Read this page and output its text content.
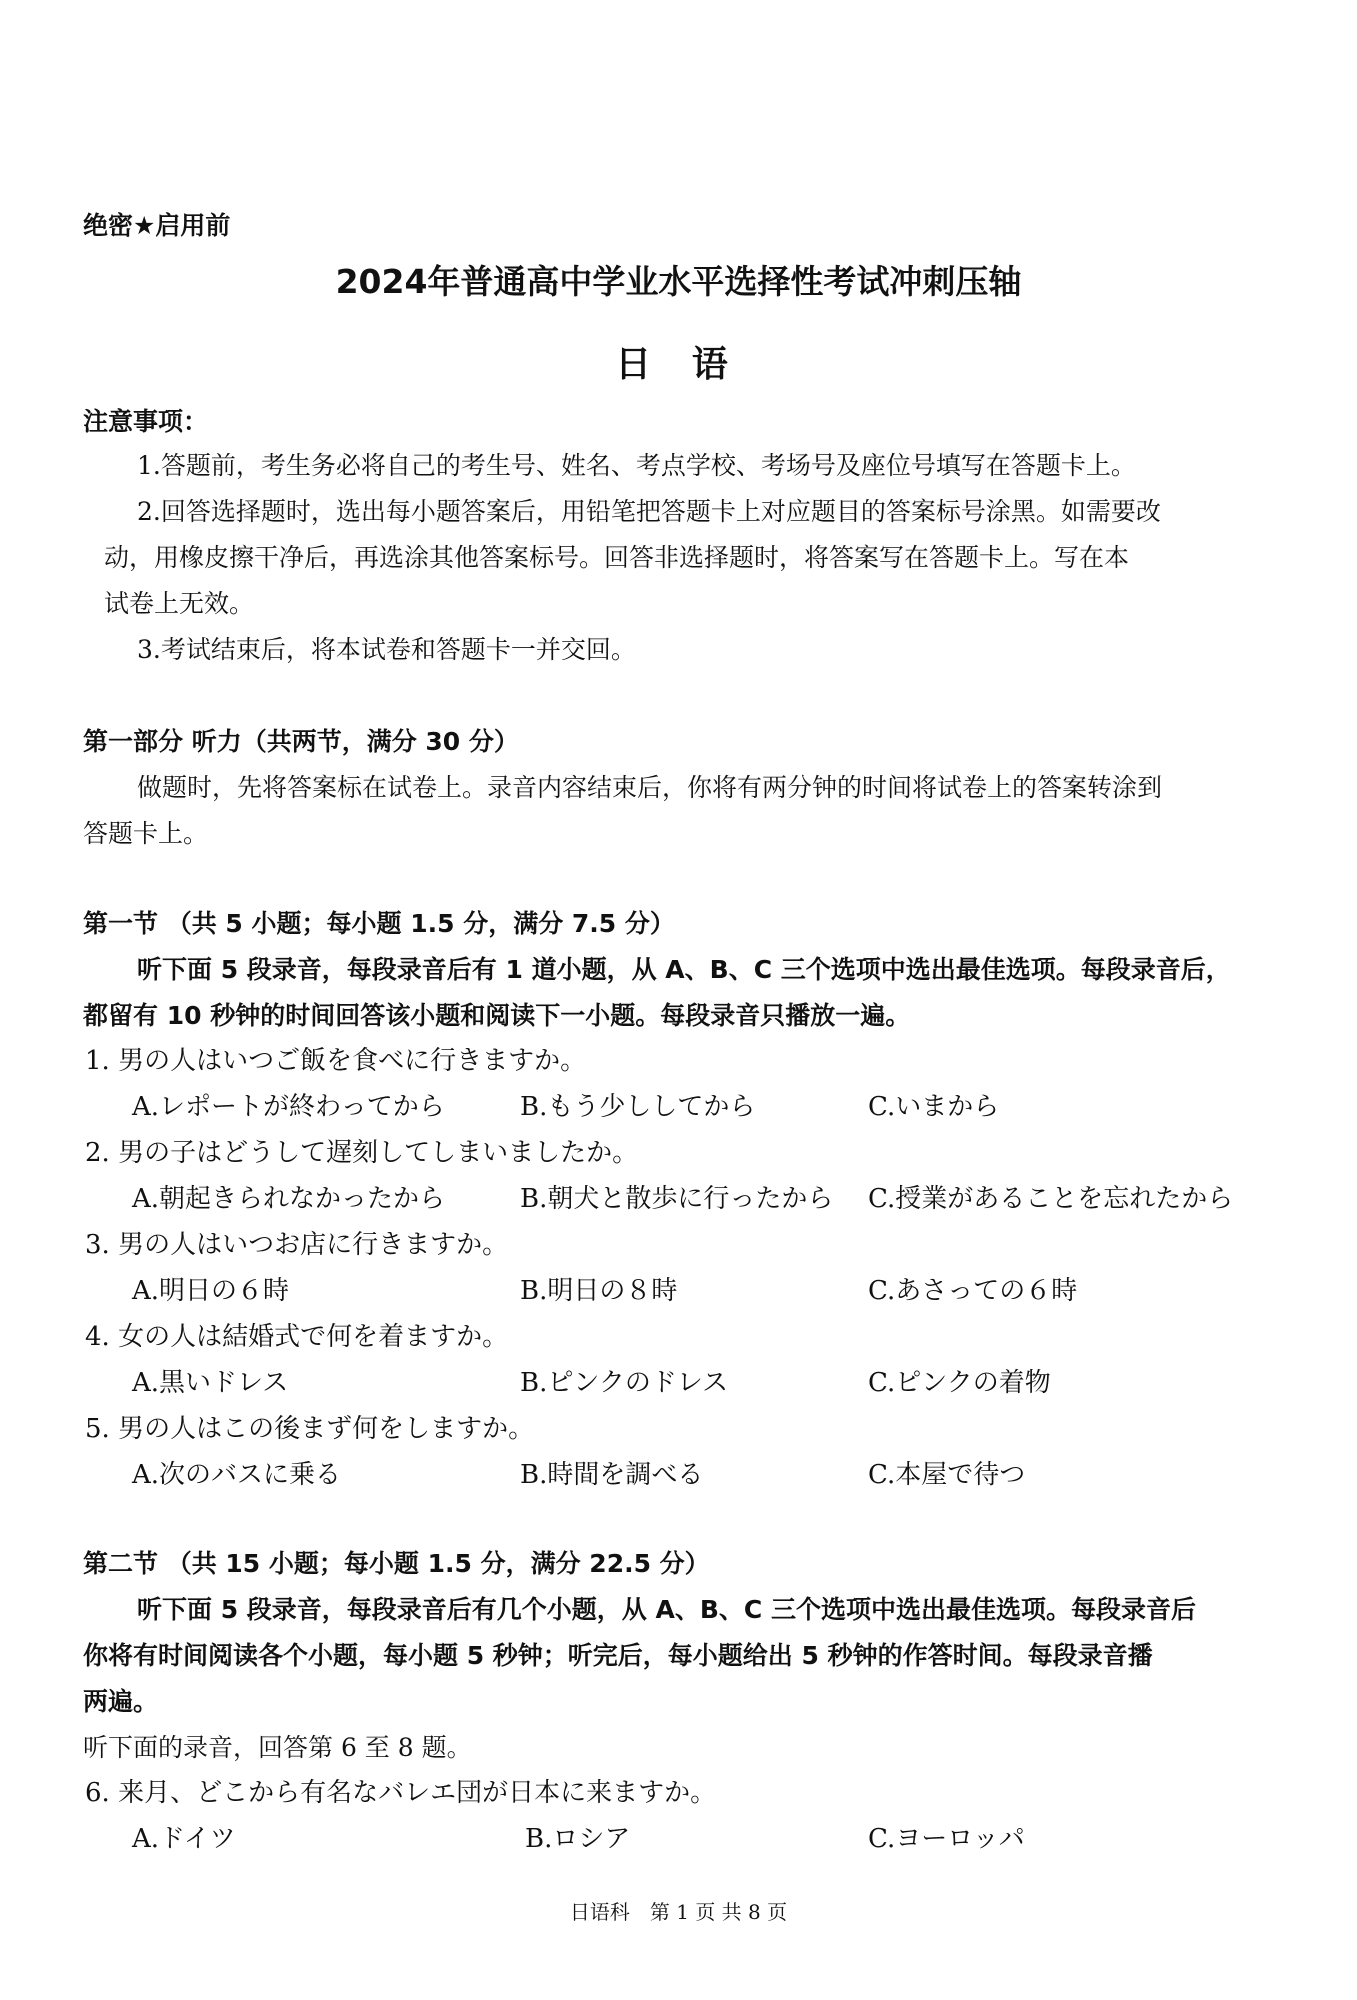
绝密★启用前
2024年普通高中学业水平选择性考试冲刺压轴
日 语
注意事项：
1.答题前，考生务必将自己的考生号、姓名、考点学校、考场号及座位号填写在答题卡上。
2.回答选择题时，选出每小题答案后，用铅笔把答题卡上对应题目的答案标号涂黑。如需要改
动，用橡皮擦干净后，再选涂其他答案标号。回答非选择题时，将答案写在答题卡上。写在本
试卷上无效。
3.考试结束后，将本试卷和答题卡一并交回。
第一部分 听力（共两节，满分 30 分）
做题时，先将答案标在试卷上。录音内容结束后，你将有两分钟的时间将试卷上的答案转涂到
答题卡上。
第一节 （共 5 小题；每小题 1.5 分，满分 7.5 分）
听下面 5 段录音，每段录音后有 1 道小题，从 A、B、C 三个选项中选出最佳选项。每段录音后，
都留有 10 秒钟的时间回答该小题和阅读下一小题。每段录音只播放一遍。
1. 男の人はいつご飯を食べに行きますか。
A.レポートが終わってから	B.もう少ししてから	C.いまから
2. 男の子はどうして遅刻してしまいましたか。
A.朝起きられなかったから	B.朝犬と散歩に行ったから C.授業があることを忘れたから
3. 男の人はいつお店に行きますか。
A.明日の６時	B.明日の８時	C.あさっての６時
4. 女の人は結婚式で何を着ますか。
A.黒いドレス	B.ピンクのドレス	C.ピンクの着物
5. 男の人はこの後まず何をしますか。
A.次のバスに乗る	B.時間を調べる	C.本屋で待つ
第二节 （共 15 小题；每小题 1.5 分，满分 22.5 分）
听下面 5 段录音，每段录音后有几个小题，从 A、B、C 三个选项中选出最佳选项。每段录音后
你将有时间阅读各个小题，每小题 5 秒钟；听完后，每小题给出 5 秒钟的作答时间。每段录音播
两遍。
听下面的录音，回答第 6 至 8 题。
6. 来月、どこから有名なバレエ団が日本に来ますか。
A.ドイツ	B.ロシア	C.ヨーロッパ
日语科　第 1 页 共 8 页
